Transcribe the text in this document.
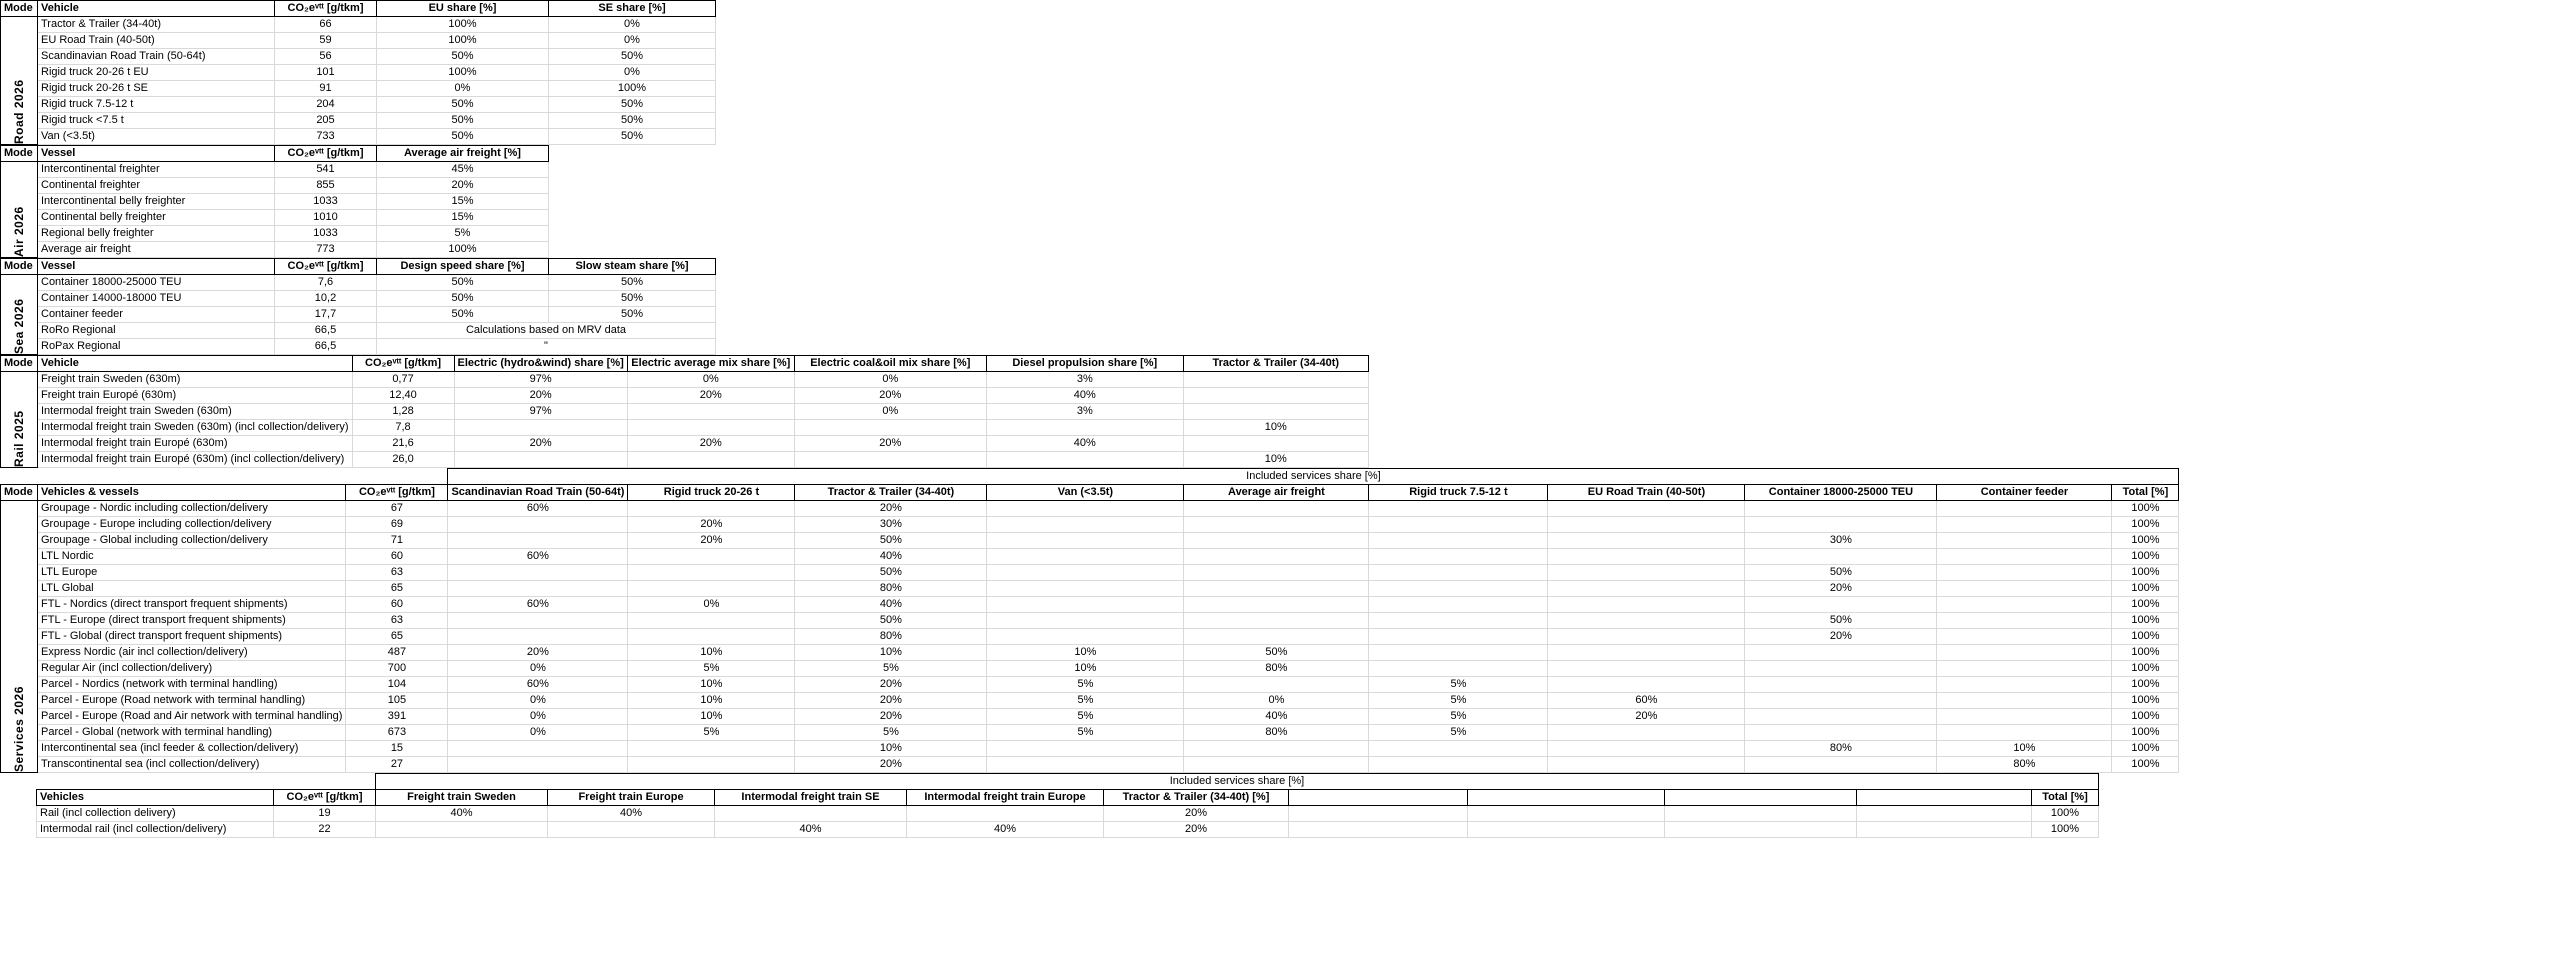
Mode	Vehicle	CO₂eᵛᵗᵗ [g/tkm]	EU share [%]	SE share [%]
Road 2026	Tractor & Trailer (34-40t)	66	100%	0%
	EU Road Train (40-50t)	59	100%	0%
	Scandinavian Road Train (50-64t)	56	50%	50%
	Rigid truck 20-26 t EU	101	100%	0%
	Rigid truck 20-26 t SE	91	0%	100%
	Rigid truck 7.5-12 t	204	50%	50%
	Rigid truck <7.5 t	205	50%	50%
	Van (<3.5t)	733	50%	50%
Mode	Vessel	CO₂eᵛᵗᵗ [g/tkm]	Average air freight [%]
Air 2026	Intercontinental freighter	541	45%
	Continental freighter	855	20%
	Intercontinental belly freighter	1033	15%
	Continental belly freighter	1010	15%
	Regional belly freighter	1033	5%
	Average air freight	773	100%
Mode	Vessel	CO₂eᵛᵗᵗ [g/tkm]	Design speed share [%]	Slow steam share [%]
Sea 2026	Container 18000-25000 TEU	7,6	50%	50%
	Container 14000-18000 TEU	10,2	50%	50%
	Container feeder	17,7	50%	50%
	RoRo Regional	66,5	Calculations based on MRV data	
	RoPax Regional	66,5	"	
Mode	Vehicle	CO₂eᵛᵗᵗ [g/tkm]	Electric (hydro&wind) share [%]	Electric average mix share [%]	Electric coal&oil mix share [%]	Diesel propulsion share [%]	Tractor & Trailer (34-40t)
Rail 2025	Freight train Sweden (630m)	0,77	97%	0%	0%	3%	
	Freight train Europé (630m)	12,40	20%	20%	20%	40%	
	Intermodal freight train Sweden (630m)	1,28	97%		0%	3%	
	Intermodal freight train Sweden (630m) (incl collection/delivery)	7,8					10%
	Intermodal freight train Europé (630m)	21,6	20%	20%	20%	40%	
	Intermodal freight train Europé (630m) (incl collection/delivery)	26,0					10%
			Included services share [%]									
Mode	Vehicles & vessels	CO₂eᵛᵗᵗ [g/tkm]	Scandinavian Road Train (50-64t)	Rigid truck 20-26 t	Tractor & Trailer (34-40t)	Van (<3.5t)	Average air freight	Rigid truck 7.5-12 t	EU Road Train (40-50t)	Container 18000-25000 TEU	Container feeder	Total [%]
Services 2026	Groupage - Nordic including collection/delivery	67	60%		20%							100%
	Groupage - Europe including collection/delivery	69		20%	30%							100%
	Groupage - Global including collection/delivery	71		20%	50%					30%		100%
	LTL Nordic	60	60%		40%							100%
	LTL Europe	63			50%					50%		100%
	LTL Global	65			80%					20%		100%
	FTL - Nordics (direct transport frequent shipments)	60	60%	0%	40%							100%
	FTL - Europe (direct transport frequent shipments)	63			50%					50%		100%
	FTL - Global (direct transport frequent shipments)	65			80%					20%		100%
	Express Nordic (air incl collection/delivery)	487	20%	10%	10%	10%	50%					100%
	Regular Air (incl collection/delivery)	700	0%	5%	5%	10%	80%					100%
	Parcel - Nordics (network with terminal handling)	104	60%	10%	20%	5%		5%				100%
	Parcel - Europe (Road network with terminal handling)	105	0%	10%	20%	5%	0%	5%	60%			100%
	Parcel - Europe (Road and Air network with terminal handling)	391	0%	10%	20%	5%	40%	5%	20%			100%
	Parcel - Global (network with terminal handling)	673	0%	5%	5%	5%	80%	5%				100%
	Intercontinental sea (incl feeder & collection/delivery)	15			10%					80%	10%	100%
	Transcontinental sea (incl collection/delivery)	27			20%						80%	100%
			Included services share [%]									
	Vehicles	CO₂eᵛᵗᵗ [g/tkm]	Freight train Sweden	Freight train Europe	Intermodal freight train SE	Intermodal freight train Europe	Tractor & Trailer (34-40t) [%]					Total [%]
	Rail (incl collection delivery)	19	40%	40%			20%					100%
	Intermodal rail (incl collection/delivery)	22			40%	40%	20%					100%
